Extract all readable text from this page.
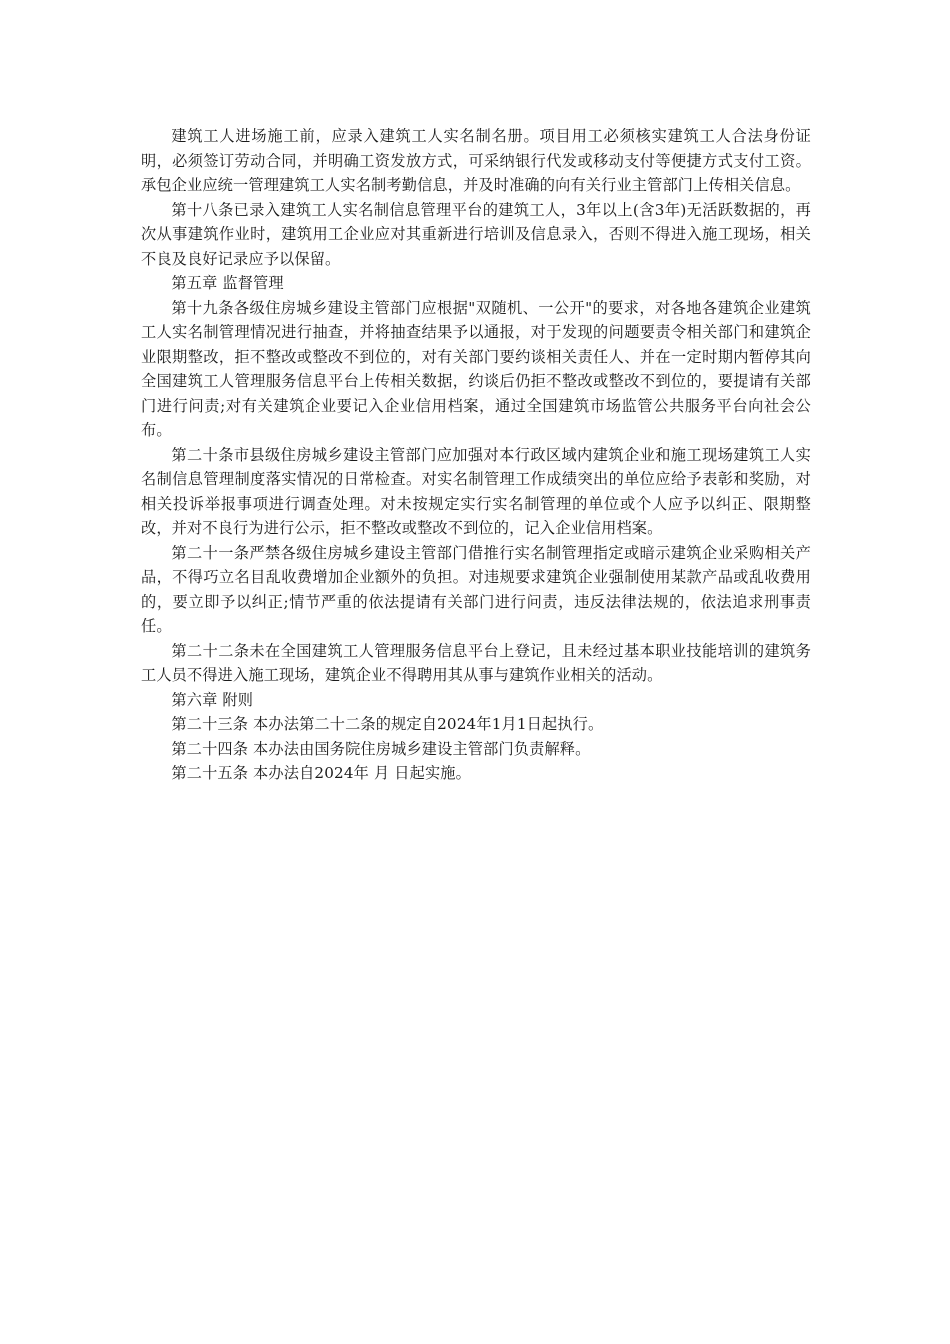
建筑工人进场施工前，应录入建筑工人实名制名册。项目用工必须核实建筑工人合法身份证明，必须签订劳动合同，并明确工资发放方式，可采纳银行代发或移动支付等便捷方式支付工资。承包企业应统一管理建筑工人实名制考勤信息，并及时准确的向有关行业主管部门上传相关信息。

第十八条已录入建筑工人实名制信息管理平台的建筑工人，3年以上(含3年)无活跃数据的，再次从事建筑作业时，建筑用工企业应对其重新进行培训及信息录入，否则不得进入施工现场，相关不良及良好记录应予以保留。

第五章 监督管理

第十九条各级住房城乡建设主管部门应根据"双随机、一公开"的要求，对各地各建筑企业建筑工人实名制管理情况进行抽查，并将抽查结果予以通报，对于发现的问题要责令相关部门和建筑企业限期整改，拒不整改或整改不到位的，对有关部门要约谈相关责任人、并在一定时期内暂停其向全国建筑工人管理服务信息平台上传相关数据，约谈后仍拒不整改或整改不到位的，要提请有关部门进行问责;对有关建筑企业要记入企业信用档案，通过全国建筑市场监管公共服务平台向社会公布。

第二十条市县级住房城乡建设主管部门应加强对本行政区域内建筑企业和施工现场建筑工人实名制信息管理制度落实情况的日常检查。对实名制管理工作成绩突出的单位应给予表彰和奖励，对相关投诉举报事项进行调查处理。对未按规定实行实名制管理的单位或个人应予以纠正、限期整改，并对不良行为进行公示，拒不整改或整改不到位的，记入企业信用档案。

第二十一条严禁各级住房城乡建设主管部门借推行实名制管理指定或暗示建筑企业采购相关产品，不得巧立名目乱收费增加企业额外的负担。对违规要求建筑企业强制使用某款产品或乱收费用的，要立即予以纠正;情节严重的依法提请有关部门进行问责，违反法律法规的，依法追求刑事责任。

第二十二条未在全国建筑工人管理服务信息平台上登记，且未经过基本职业技能培训的建筑务工人员不得进入施工现场，建筑企业不得聘用其从事与建筑作业相关的活动。

第六章 附则

第二十三条 本办法第二十二条的规定自2024年1月1日起执行。

第二十四条 本办法由国务院住房城乡建设主管部门负责解释。

第二十五条 本办法自2024年 月 日起实施。
